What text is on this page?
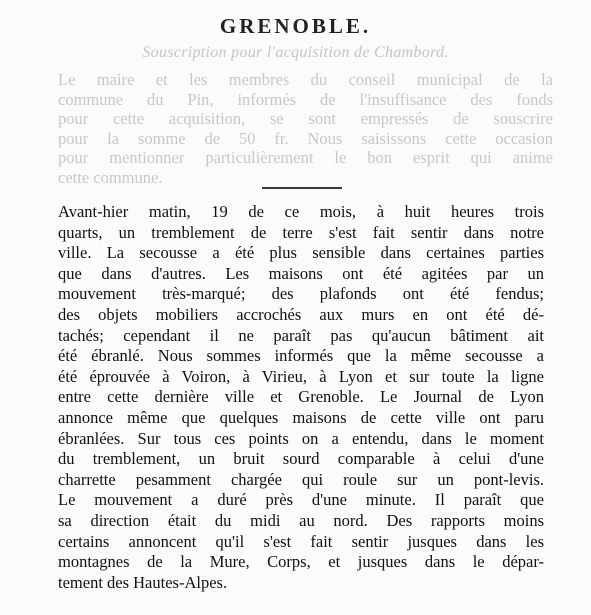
GRENOBLE.
Souscription pour l'acquisition de Chambord.
Le maire et les membres du conseil municipal de la
commune du Pin, informés de l'insuffisance des fonds
pour cette acquisition, se sont empressés de souscrire
pour la somme de 50 fr. Nous saisissons cette occasion
pour mentionner particulièrement le bon esprit qui anime
cette commune.
Avant-hier matin, 19 de ce mois, à huit heures trois
quarts, un tremblement de terre s'est fait sentir dans notre
ville. La secousse a été plus sensible dans certaines parties
que dans d'autres. Les maisons ont été agitées par un
mouvement très-marqué; des plafonds ont été fendus;
des objets mobiliers accrochés aux murs en ont été dé-
tachés; cependant il ne paraît pas qu'aucun bâtiment ait
été ébranlé. Nous sommes informés que la même secousse a
été éprouvée à Voiron, à Virieu, à Lyon et sur toute la ligne
entre cette dernière ville et Grenoble. Le Journal de Lyon
annonce même que quelques maisons de cette ville ont paru
ébranlées. Sur tous ces points on a entendu, dans le moment
du tremblement, un bruit sourd comparable à celui d'une
charrette pesamment chargée qui roule sur un pont-levis.
Le mouvement a duré près d'une minute. Il paraît que
sa direction était du midi au nord. Des rapports moins
certains annoncent qu'il s'est fait sentir jusques dans les
montagnes de la Mure, Corps, et jusques dans le dépar-
tement des Hautes-Alpes.
